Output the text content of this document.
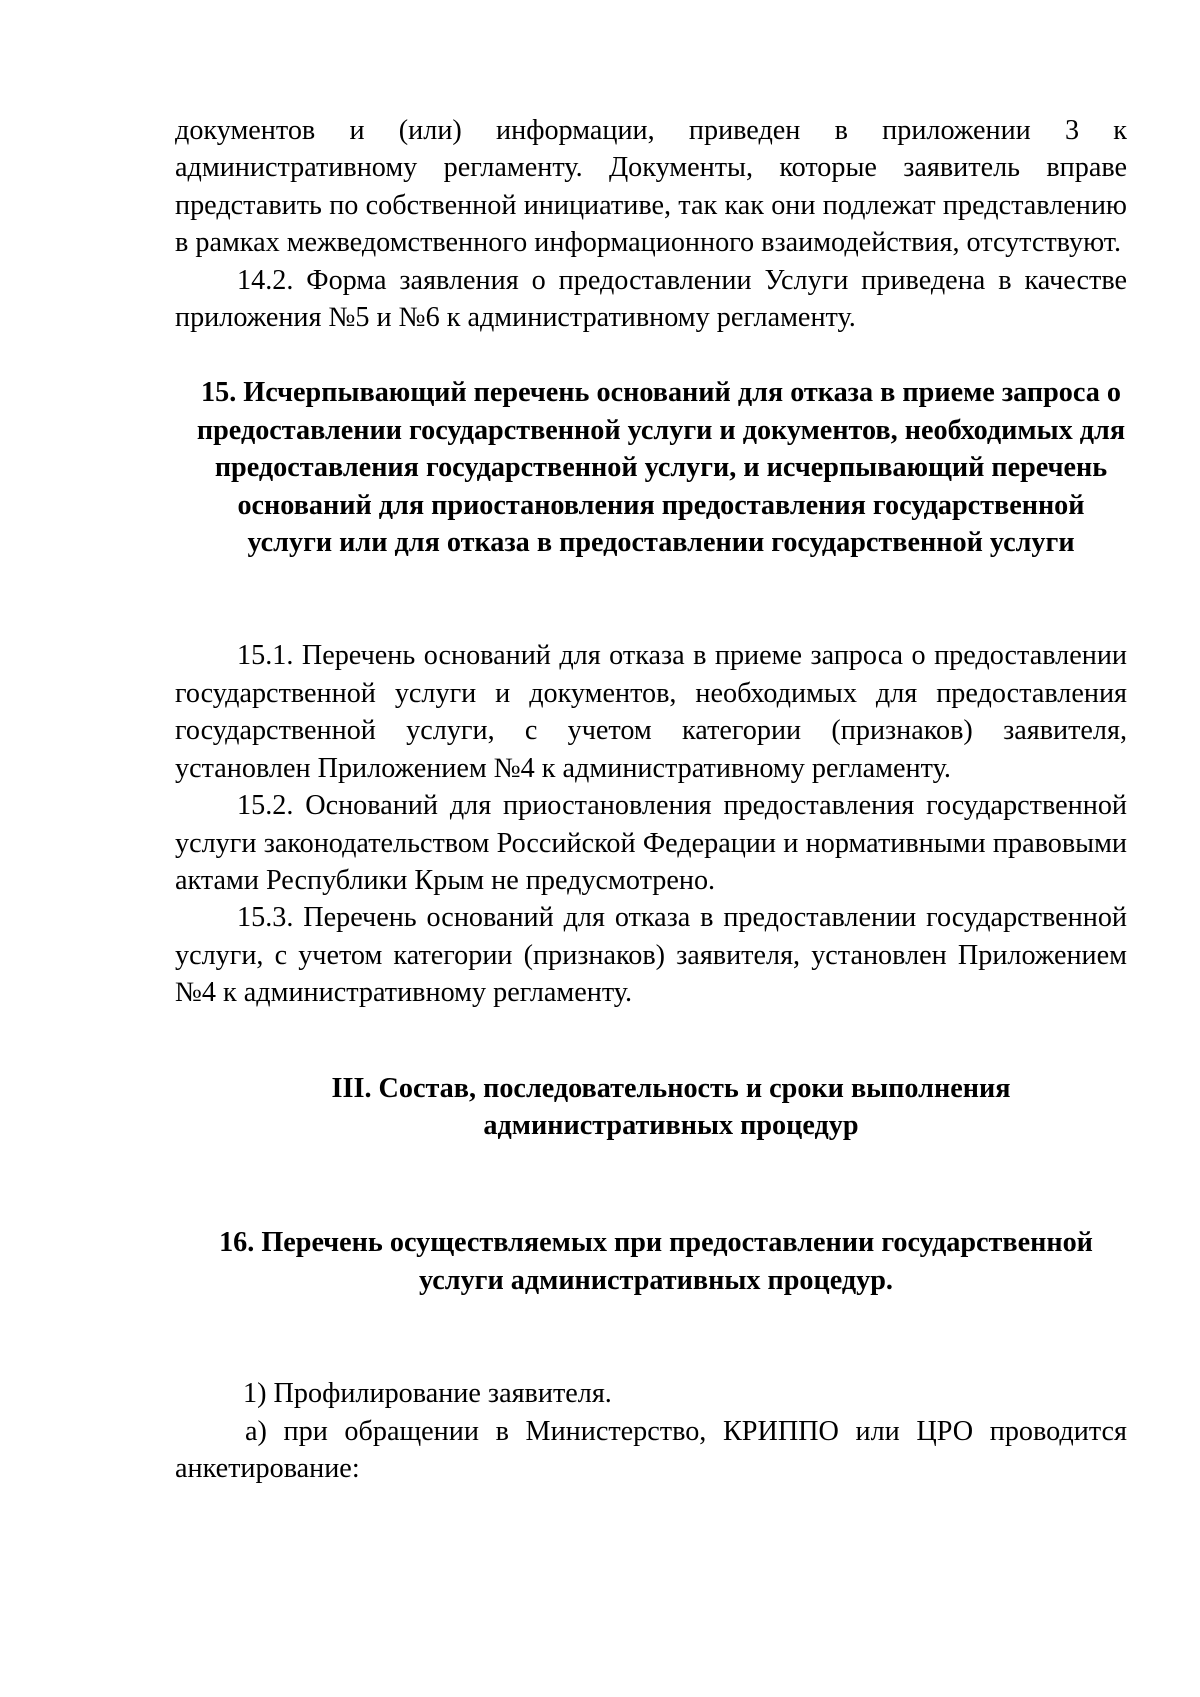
документов и (или) информации, приведен в приложении 3 к административному регламенту. Документы, которые заявитель вправе представить по собственной инициативе, так как они подлежат представлению в рамках межведомственного информационного взаимодействия, отсутствуют.

14.2. Форма заявления о предоставлении Услуги приведена в качестве приложения №5 и №6 к административному регламенту.

15. Исчерпывающий перечень оснований для отказа в приеме запроса о предоставлении государственной услуги и документов, необходимых для предоставления государственной услуги, и исчерпывающий перечень оснований для приостановления предоставления государственной услуги или для отказа в предоставлении государственной услуги

15.1. Перечень оснований для отказа в приеме запроса о предоставлении государственной услуги и документов, необходимых для предоставления государственной услуги, с учетом категории (признаков) заявителя, установлен Приложением №4 к административному регламенту.

15.2. Оснований для приостановления предоставления государственной услуги законодательством Российской Федерации и нормативными правовыми актами Республики Крым не предусмотрено.

15.3. Перечень оснований для отказа в предоставлении государственной услуги, с учетом категории (признаков) заявителя, установлен Приложением №4 к административному регламенту.

III. Состав, последовательность и сроки выполнения административных процедур
16. Перечень осуществляемых при предоставлении государственной услуги административных процедур.

1) Профилирование заявителя.

а) при обращении в Министерство, КРИППО или ЦРО проводится анкетирование:
